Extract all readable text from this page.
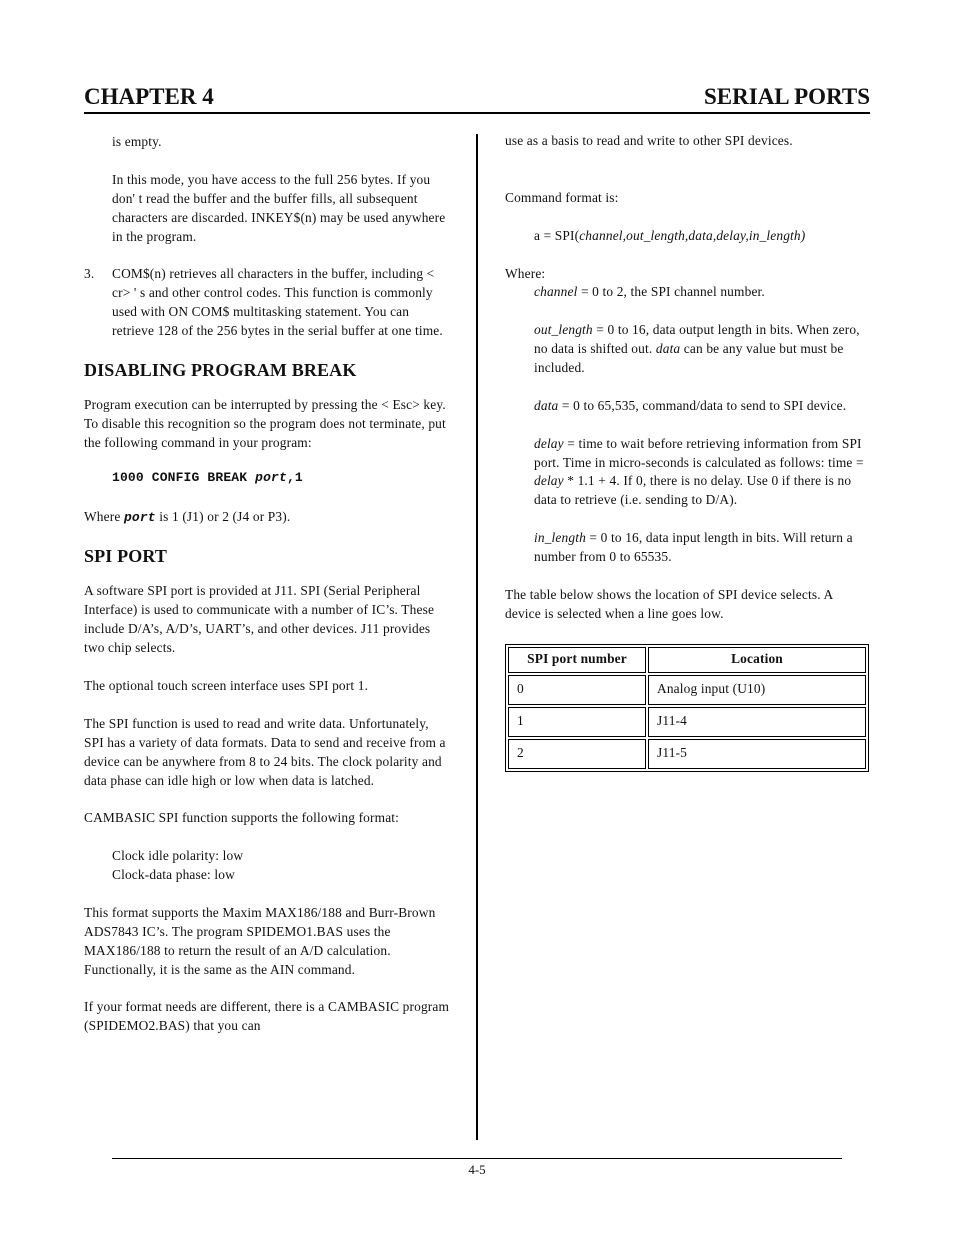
CHAPTER 4	SERIAL PORTS

is empty.

In this mode, you have access to the full 256 bytes. If you don' t read the buffer and the buffer fills, all subsequent characters are discarded. INKEY$(n) may be used anywhere in the program.

3. COM$(n) retrieves all characters in the buffer, including < cr> ' s and other control codes. This function is commonly used with ON COM$ multitasking statement. You can retrieve 128 of the 256 bytes in the serial buffer at one time.
DISABLING PROGRAM BREAK

Program execution can be interrupted by pressing the < Esc> key. To disable this recognition so the program does not terminate, put the following command in your program:

1000 CONFIG BREAK port,1

Where port is 1 (J1) or 2 (J4 or P3).

SPI PORT

A software SPI port is provided at J11. SPI (Serial Peripheral Interface) is used to communicate with a number of IC’s. These include D/A’s, A/D’s, UART’s, and other devices. J11 provides two chip selects.

The optional touch screen interface uses SPI port 1.

The SPI function is used to read and write data. Unfortunately, SPI has a variety of data formats. Data to send and receive from a device can be anywhere from 8 to 24 bits. The clock polarity and data phase can idle high or low when data is latched.

CAMBASIC SPI function supports the following format:

Clock idle polarity: low

Clock-data phase: low

This format supports the Maxim MAX186/188 and Burr-Brown ADS7843 IC’s. The program SPIDEMO1.BAS uses the MAX186/188 to return the result of an A/D calculation. Functionally, it is the same as the AIN command.

If your format needs are different, there is a CAMBASIC program (SPIDEMO2.BAS) that you can

use as a basis to read and write to other SPI devices.

Command format is:

a = SPI(channel,out_length,data,delay,in_length)

Where:

channel = 0 to 2, the SPI channel number.

out_length = 0 to 16, data output length in bits. When zero, no data is shifted out. data can be any value but must be included.

data = 0 to 65,535, command/data to send to SPI device.

delay = time to wait before retrieving information from SPI port. Time in micro-seconds is calculated as follows: time = delay * 1.1 + 4. If 0, there is no delay. Use 0 if there is no data to retrieve (i.e. sending to D/A).

in_length = 0 to 16, data input length in bits. Will return a number from 0 to 65535.

The table below shows the location of SPI device selects. A device is selected when a line goes low.

SPI port number	Location
0	Analog input (U10)
1	J11-4
2	J11-5
4-5
